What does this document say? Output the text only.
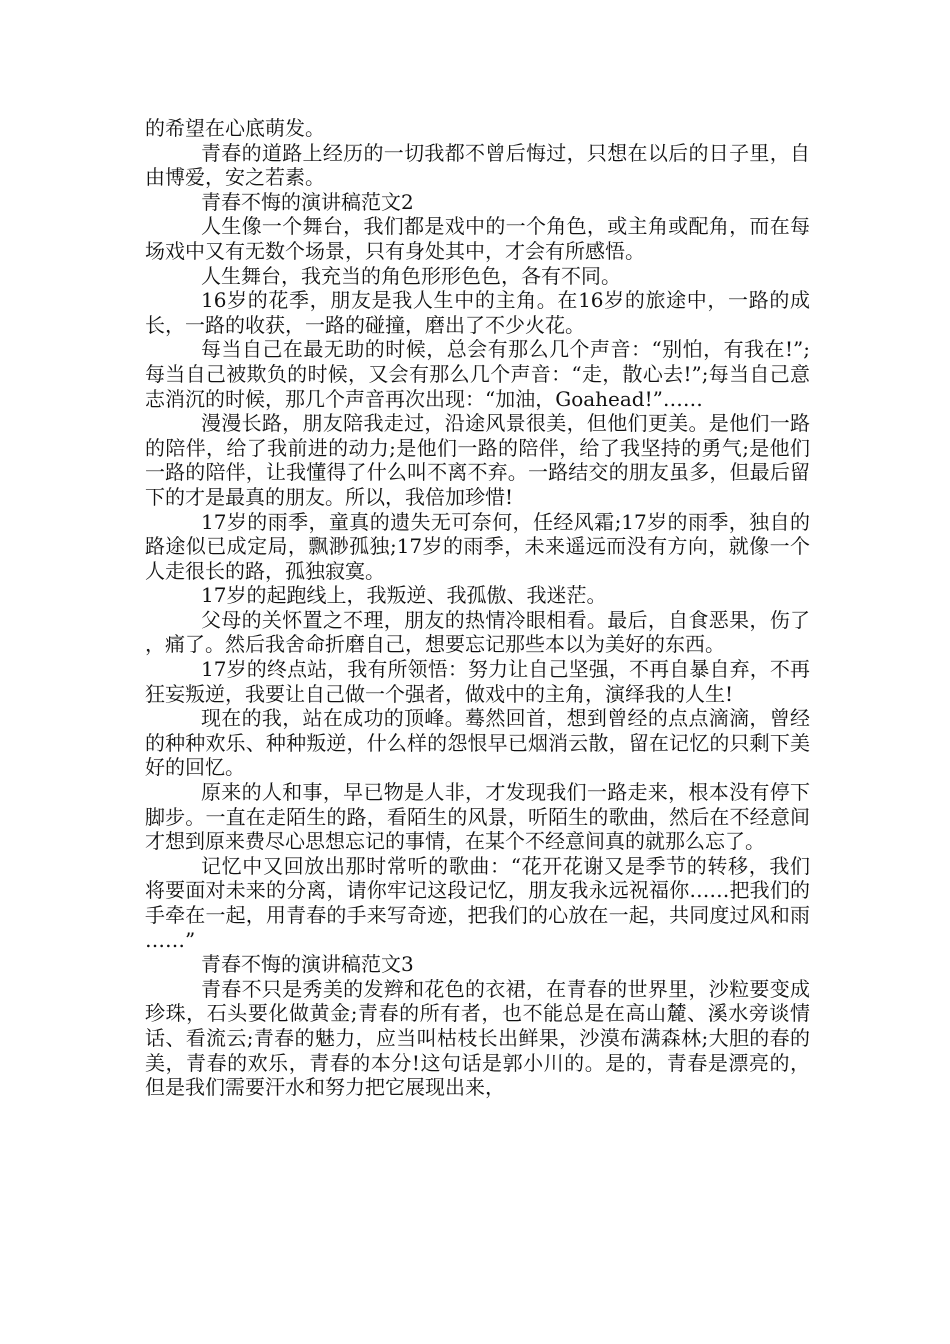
的希望在心底萌发。

青春的道路上经历的一切我都不曾后悔过，只想在以后的日子里，自由博爱，安之若素。

青春不悔的演讲稿范文2

人生像一个舞台，我们都是戏中的一个角色，或主角或配角，而在每场戏中又有无数个场景，只有身处其中，才会有所感悟。

人生舞台，我充当的角色形形色色，各有不同。

16岁的花季，朋友是我人生中的主角。在16岁的旅途中，一路的成长，一路的收获，一路的碰撞，磨出了不少火花。

每当自己在最无助的时候，总会有那么几个声音：“别怕，有我在!”;每当自己被欺负的时候，又会有那么几个声音：“走，散心去!”;每当自己意志消沉的时候，那几个声音再次出现：“加油，Goahead!”……

漫漫长路，朋友陪我走过，沿途风景很美，但他们更美。是他们一路的陪伴，给了我前进的动力;是他们一路的陪伴，给了我坚持的勇气;是他们一路的陪伴，让我懂得了什么叫不离不弃。一路结交的朋友虽多，但最后留下的才是最真的朋友。所以，我倍加珍惜!

17岁的雨季，童真的遗失无可奈何，任经风霜;17岁的雨季，独自的路途似已成定局，飘渺孤独;17岁的雨季，未来遥远而没有方向，就像一个人走很长的路，孤独寂寞。

17岁的起跑线上，我叛逆、我孤傲、我迷茫。

父母的关怀置之不理，朋友的热情冷眼相看。最后，自食恶果，伤了，痛了。然后我舍命折磨自己，想要忘记那些本以为美好的东西。

17岁的终点站，我有所领悟：努力让自己坚强，不再自暴自弃，不再狂妄叛逆，我要让自己做一个强者，做戏中的主角，演绎我的人生!

现在的我，站在成功的顶峰。蓦然回首，想到曾经的点点滴滴，曾经的种种欢乐、种种叛逆，什么样的怨恨早已烟消云散，留在记忆的只剩下美好的回忆。

原来的人和事，早已物是人非，才发现我们一路走来，根本没有停下脚步。一直在走陌生的路，看陌生的风景，听陌生的歌曲，然后在不经意间才想到原来费尽心思想忘记的事情，在某个不经意间真的就那么忘了。

记忆中又回放出那时常听的歌曲：“花开花谢又是季节的转移，我们将要面对未来的分离，请你牢记这段记忆，朋友我永远祝福你……把我们的手牵在一起，用青春的手来写奇迹，把我们的心放在一起，共同度过风和雨……”

青春不悔的演讲稿范文3

青春不只是秀美的发辫和花色的衣裙，在青春的世界里，沙粒要变成珍珠，石头要化做黄金;青春的所有者，也不能总是在高山麓、溪水旁谈情话、看流云;青春的魅力，应当叫枯枝长出鲜果，沙漠布满森林;大胆的春的美，青春的欢乐，青春的本分!这句话是郭小川的。是的，青春是漂亮的，但是我们需要汗水和努力把它展现出来，
